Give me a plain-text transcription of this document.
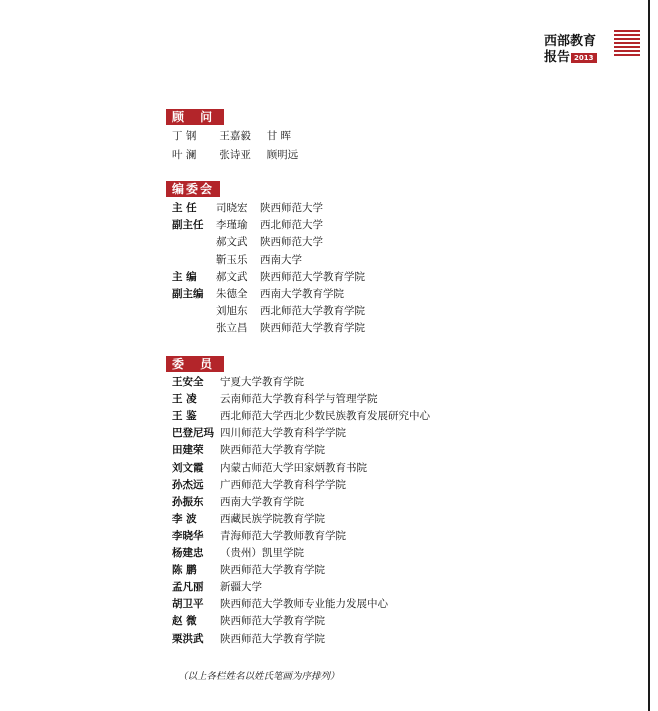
西部教育
报告 2013
顾 问
丁 钢 王嘉毅 甘 晖
叶 澜 张诗亚 顾明远
编委会
主 任 司晓宏 陕西师范大学
副主任 李瑾瑜 西北师范大学
郝文武 陕西师范大学
靳玉乐 西南大学
主 编 郝文武 陕西师范大学教育学院
副主编 朱德全 西南大学教育学院
刘旭东 西北师范大学教育学院
张立昌 陕西师范大学教育学院
委 员
王安全 宁夏大学教育学院
王 凌 云南师范大学教育科学与管理学院
王 鉴 西北师范大学西北少数民族教育发展研究中心
巴登尼玛 四川师范大学教育科学学院
田建荣 陕西师范大学教育学院
刘文霞 内蒙古师范大学田家炳教育书院
孙杰远 广西师范大学教育科学学院
孙振东 西南大学教育学院
李 波 西藏民族学院教育学院
李晓华 青海师范大学教师教育学院
杨建忠 （贵州）凯里学院
陈 鹏 陕西师范大学教育学院
孟凡丽 新疆大学
胡卫平 陕西师范大学教师专业能力发展中心
赵 微 陕西师范大学教育学院
栗洪武 陕西师范大学教育学院
（以上各栏姓名以姓氏笔画为序排列）
